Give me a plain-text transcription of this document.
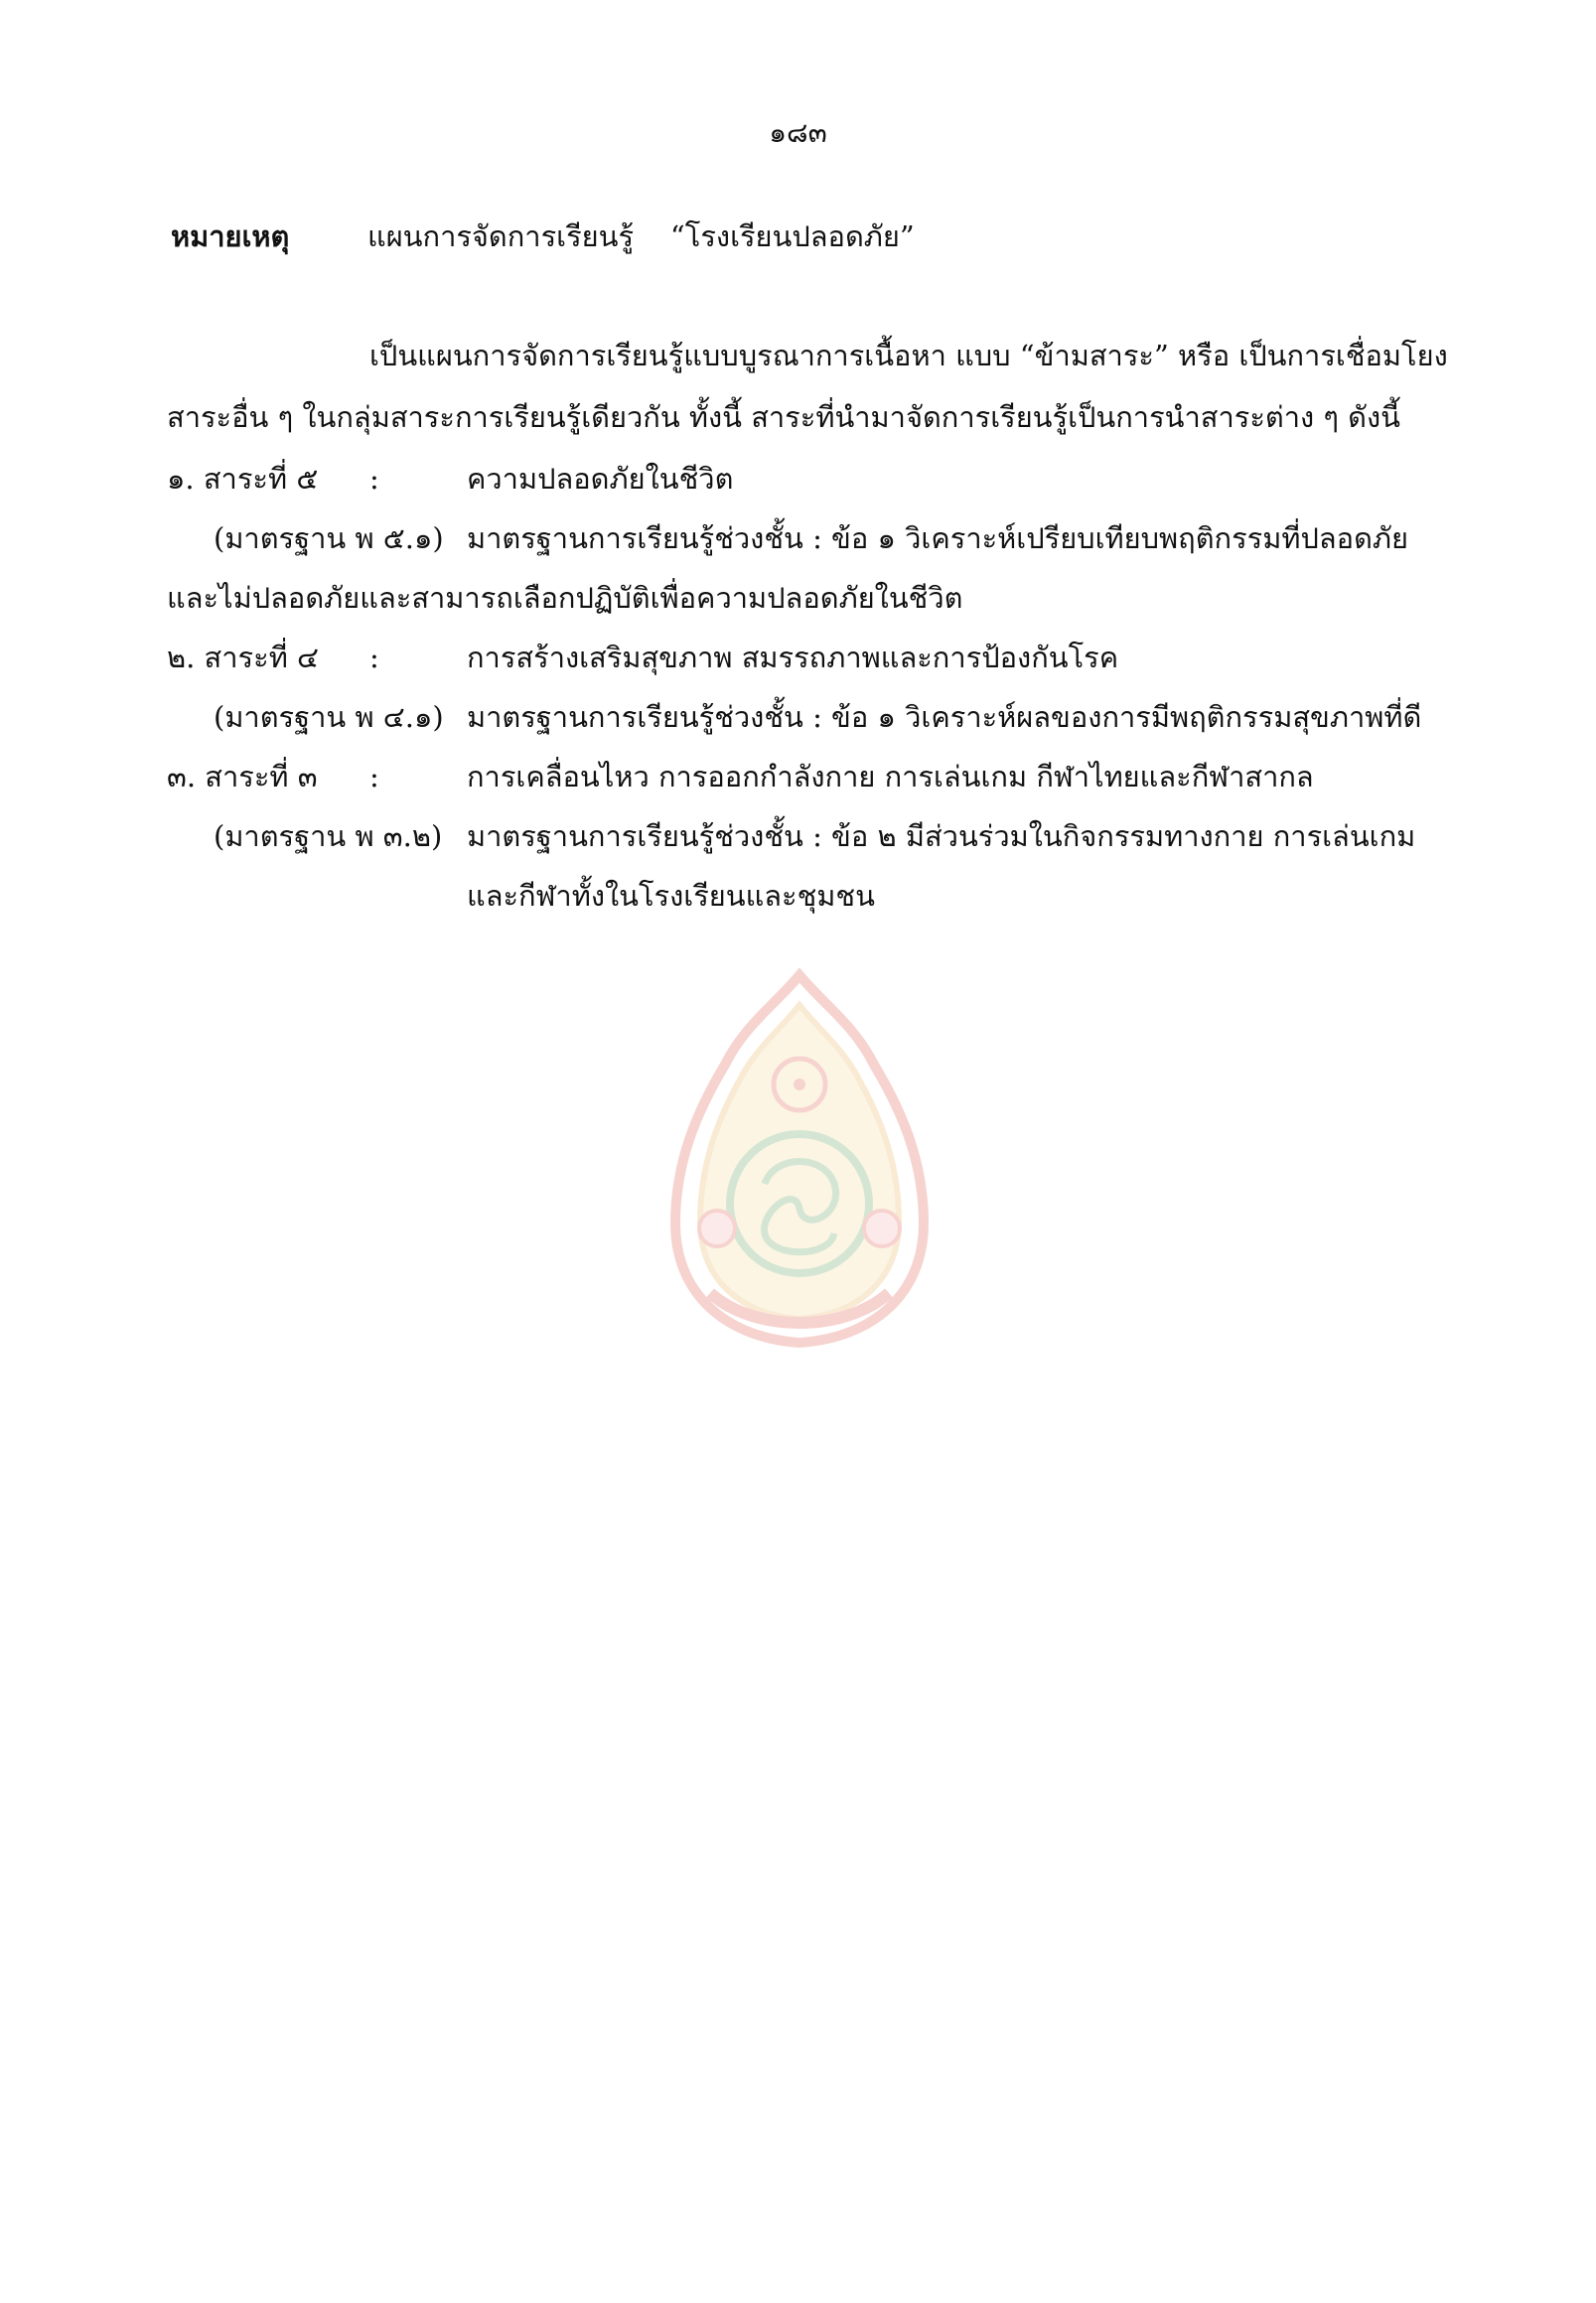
๑๘๓
หมายเหตุ	แผนการจัดการเรียนรู้    “โรงเรียนปลอดภัย”
เป็นแผนการจัดการเรียนรู้แบบบูรณาการเนื้อหา แบบ “ข้ามสาระ” หรือ เป็นการเชื่อมโยง
สาระอื่น ๆ ในกลุ่มสาระการเรียนรู้เดียวกัน ทั้งนี้ สาระที่นำมาจัดการเรียนรู้เป็นการนำสาระต่าง ๆ ดังนี้
๑. สาระที่ ๕ :	ความปลอดภัยในชีวิต
(มาตรฐาน พ ๕.๑) มาตรฐานการเรียนรู้ช่วงชั้น : ข้อ ๑ วิเคราะห์เปรียบเทียบพฤติกรรมที่ปลอดภัย
และไม่ปลอดภัยและสามารถเลือกปฏิบัติเพื่อความปลอดภัยในชีวิต
๒. สาระที่ ๔ :	การสร้างเสริมสุขภาพ สมรรถภาพและการป้องกันโรค
(มาตรฐาน พ ๔.๑) มาตรฐานการเรียนรู้ช่วงชั้น : ข้อ ๑ วิเคราะห์ผลของการมีพฤติกรรมสุขภาพที่ดี
๓. สาระที่ ๓ :	การเคลื่อนไหว การออกกำลังกาย การเล่นเกม กีฬาไทยและกีฬาสากล
(มาตรฐาน พ ๓.๒) มาตรฐานการเรียนรู้ช่วงชั้น : ข้อ ๒ มีส่วนร่วมในกิจกรรมทางกาย การเล่นเกม
และกีฬาทั้งในโรงเรียนและชุมชน
